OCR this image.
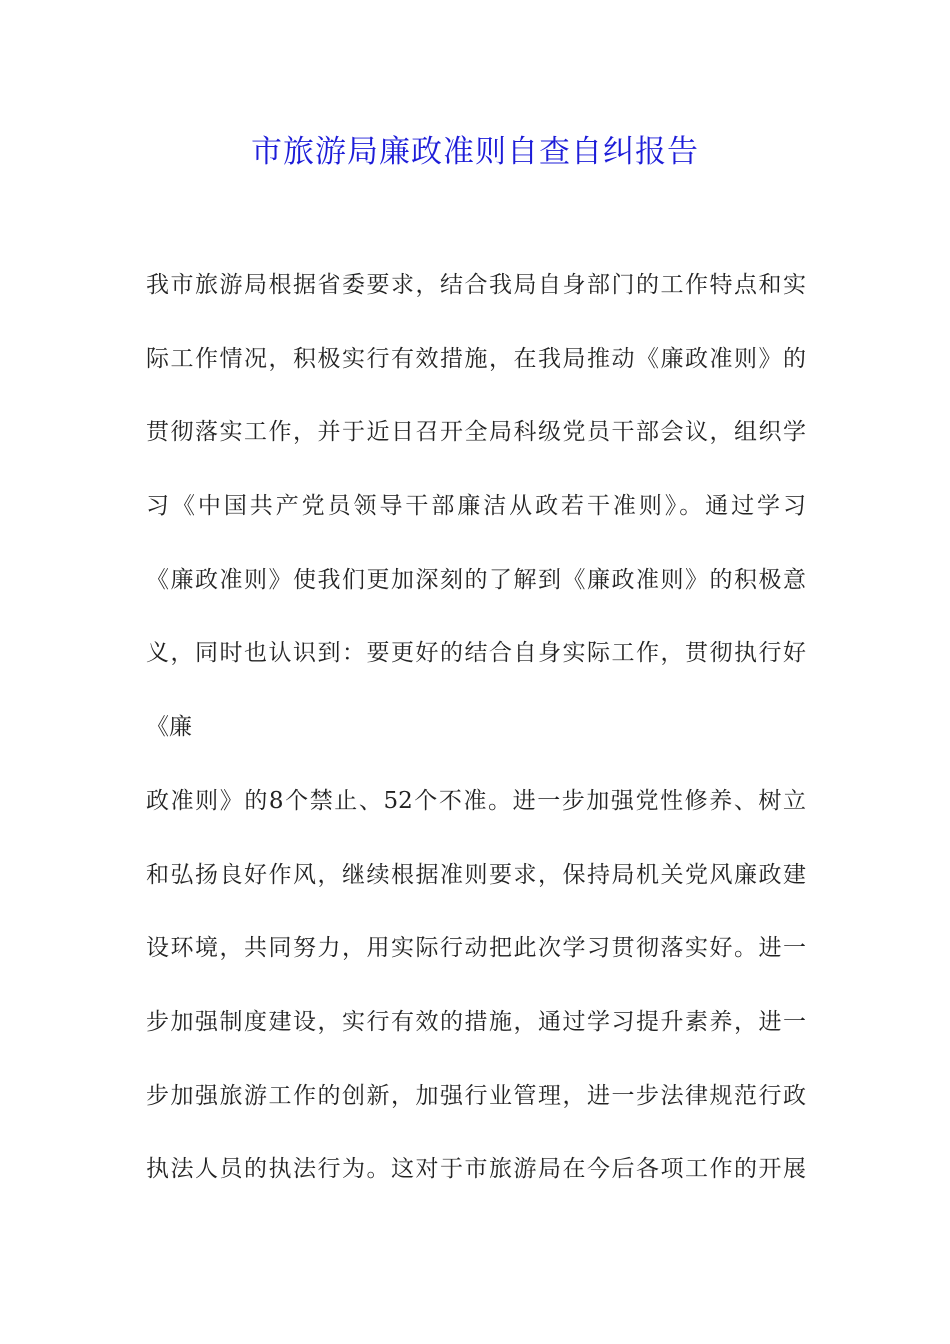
市旅游局廉政准则自查自纠报告
我市旅游局根据省委要求，结合我局自身部门的工作特点和实
际工作情况，积极实行有效措施，在我局推动《廉政准则》的
贯彻落实工作，并于近日召开全局科级党员干部会议，组织学
习《中国共产党员领导干部廉洁从政若干准则》。通过学习
《廉政准则》使我们更加深刻的了解到《廉政准则》的积极意
义，同时也认识到：要更好的结合自身实际工作，贯彻执行好
《廉
政准则》的8个禁止、52个不准。进一步加强党性修养、树立
和弘扬良好作风，继续根据准则要求，保持局机关党风廉政建
设环境，共同努力，用实际行动把此次学习贯彻落实好。进一
步加强制度建设，实行有效的措施，通过学习提升素养，进一
步加强旅游工作的创新，加强行业管理，进一步法律规范行政
执法人员的执法行为。这对于市旅游局在今后各项工作的开展
